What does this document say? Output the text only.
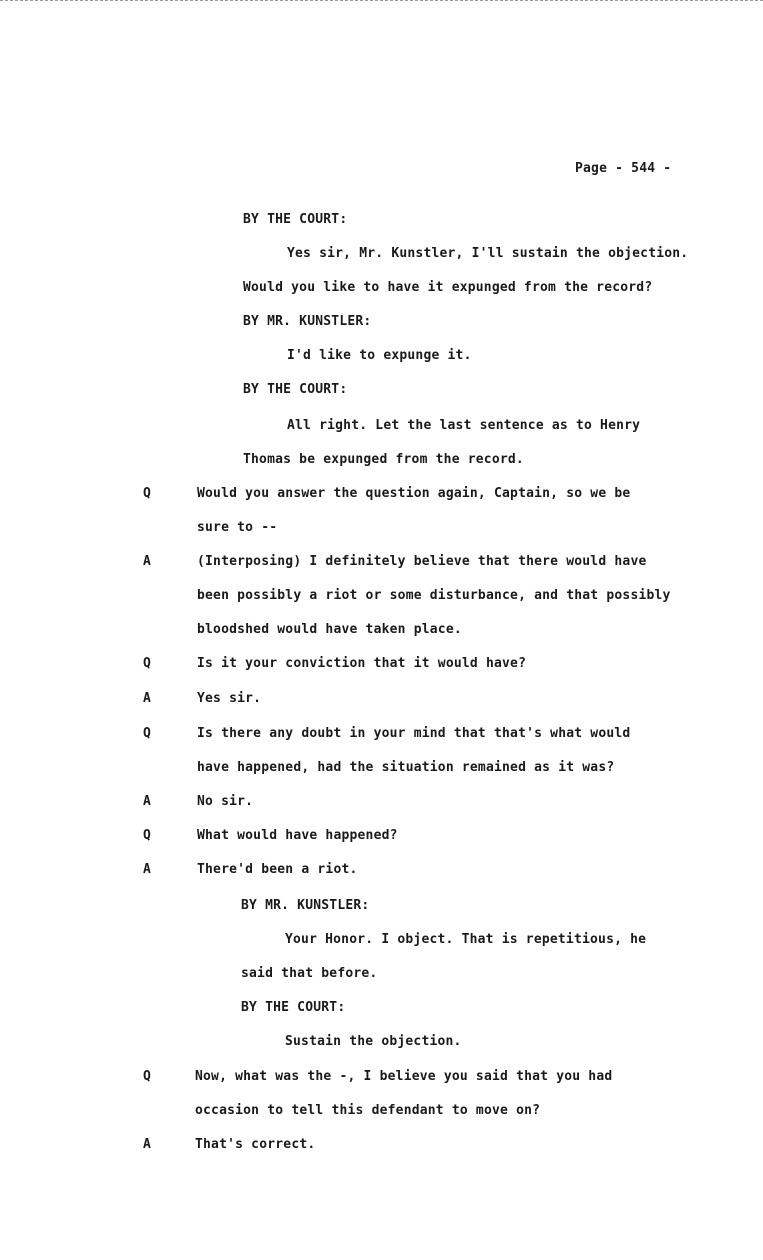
Page - 544 -
BY THE COURT:
Yes sir, Mr. Kunstler, I'll sustain the objection.
Would you like to have it expunged from the record?
BY MR. KUNSTLER:
I'd like to expunge it.
BY THE COURT:
All right. Let the last sentence as to Henry
Thomas be expunged from the record.
Q	Would you answer the question again, Captain, so we be
sure to --
A	(Interposing) I definitely believe that there would have
been possibly a riot or some disturbance, and that possibly
bloodshed would have taken place.
Q	Is it your conviction that it would have?
A	Yes sir.
Q	Is there any doubt in your mind that that's what would
have happened, had the situation remained as it was?
A	No sir.
Q	What would have happened?
A	There'd been a riot.
BY MR. KUNSTLER:
Your Honor. I object. That is repetitious, he
said that before.
BY THE COURT:
Sustain the objection.
Q	Now, what was the -, I believe you said that you had
occasion to tell this defendant to move on?
A	That's correct.
